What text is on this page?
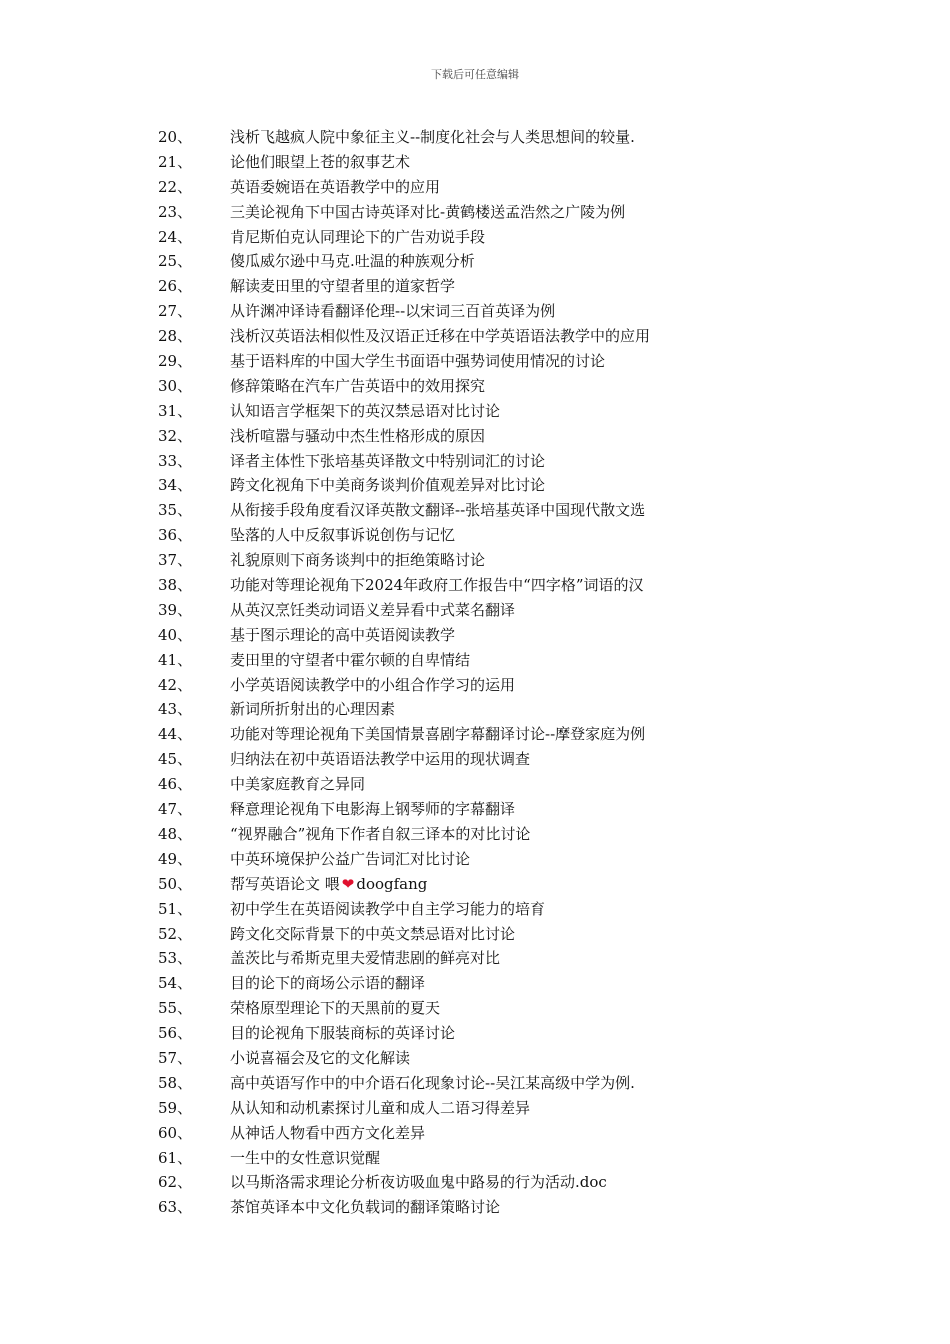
下载后可任意编辑
20、	浅析飞越疯人院中象征主义--制度化社会与人类思想间的较量.
21、	论他们眼望上苍的叙事艺术
22、	英语委婉语在英语教学中的应用
23、	三美论视角下中国古诗英译对比-黄鹤楼送孟浩然之广陵为例
24、	肯尼斯伯克认同理论下的广告劝说手段
25、	傻瓜威尔逊中马克.吐温的种族观分析
26、	解读麦田里的守望者里的道家哲学
27、	从许渊冲译诗看翻译伦理--以宋词三百首英译为例
28、	浅析汉英语法相似性及汉语正迁移在中学英语语法教学中的应用
29、	基于语料库的中国大学生书面语中强势词使用情况的讨论
30、	修辞策略在汽车广告英语中的效用探究
31、	认知语言学框架下的英汉禁忌语对比讨论
32、	浅析喧嚣与骚动中杰生性格形成的原因
33、	译者主体性下张培基英译散文中特别词汇的讨论
34、	跨文化视角下中美商务谈判价值观差异对比讨论
35、	从衔接手段角度看汉译英散文翻译--张培基英译中国现代散文选
36、	坠落的人中反叙事诉说创伤与记忆
37、	礼貌原则下商务谈判中的拒绝策略讨论
38、	功能对等理论视角下2024年政府工作报告中“四字格”词语的汉
39、	从英汉烹饪类动词语义差异看中式菜名翻译
40、	基于图示理论的高中英语阅读教学
41、	麦田里的守望者中霍尔顿的自卑情结
42、	小学英语阅读教学中的小组合作学习的运用
43、	新词所折射出的心理因素
44、	功能对等理论视角下美国情景喜剧字幕翻译讨论--摩登家庭为例
45、	归纳法在初中英语语法教学中运用的现状调查
46、	中美家庭教育之异同
47、	释意理论视角下电影海上钢琴师的字幕翻译
48、	“视界融合”视角下作者自叙三译本的对比讨论
49、	中英环境保护公益广告词汇对比讨论
50、	帮写英语论文 喂 ❤ doogfang
51、	初中学生在英语阅读教学中自主学习能力的培育
52、	跨文化交际背景下的中英文禁忌语对比讨论
53、	盖茨比与希斯克里夫爱情悲剧的鲜亮对比
54、	目的论下的商场公示语的翻译
55、	荣格原型理论下的天黑前的夏天
56、	目的论视角下服装商标的英译讨论
57、	小说喜福会及它的文化解读
58、	高中英语写作中的中介语石化现象讨论--吴江某高级中学为例.
59、	从认知和动机素探讨儿童和成人二语习得差异
60、	从神话人物看中西方文化差异
61、	一生中的女性意识觉醒
62、	以马斯洛需求理论分析夜访吸血鬼中路易的行为活动.doc
63、	茶馆英译本中文化负载词的翻译策略讨论
